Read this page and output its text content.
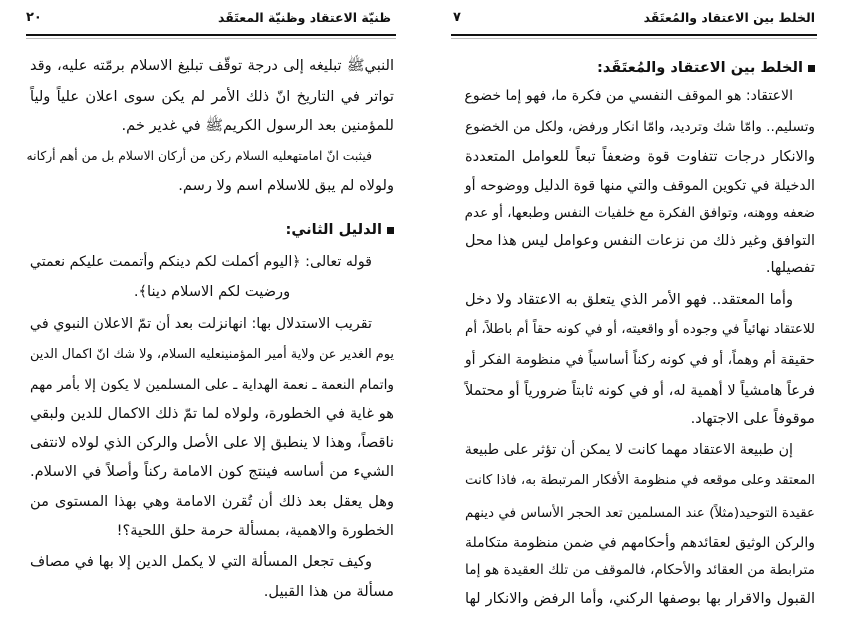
ظنيّة الاعتقاد وظنيّة المعتَقَد
٢٠
النبيﷺ تبليغه إلى درجة توقّف تبليغ الاسلام برمّته عليه، وقد
تواتر في التاريخ انّ ذلك الأمر لم يكن سوى اعلان علياً ولياً
للمؤمنين بعد الرسول الكريمﷺ في غدير خم.
فيثبت انّ امامته‎عليه السلام ركن من أركان الاسلام بل من أهم أركانه
ولولاه لم يبق للاسلام اسم ولا رسم.
الدليل الثاني:
قوله تعالى: ﴿اليوم أكملت لكم دينكم وأتممت عليكم نعمتي
ورضيت لكم الاسلام دينا﴾.
تقريب الاستدلال بها: انهانزلت بعد أن تمّ الاعلان النبوي في
يوم الغدير عن ولاية أمير المؤمنين‎عليه السلام، ولا شك انّ اكمال الدين
واتمام النعمة ـ نعمة الهداية ـ على المسلمين لا يكون إلا بأمر مهم
هو غاية في الخطورة، ولولاه لما تمّ ذلك الاكمال للدين ولبقي
ناقصاً، وهذا لا ينطبق إلا على الأصل والركن الذي لولاه لانتفى
الشيء من أساسه فينتج كون الامامة ركناً وأصلاً في الاسلام.
وهل يعقل بعد ذلك أن تُقرن الامامة وهي بهذا المستوى من
الخطورة والاهمية، بمسألة حرمة حلق اللحية؟!
وكيف تجعل المسألة التي لا يكمل الدين إلا بها في مصاف
مسألة من هذا القبيل.
الخلط بين الاعتقاد والمُعتَقَد
٧
الخلط بين الاعتقاد والمُعتَقَد:
الاعتقاد: هو الموقف النفسي من فكرة ما، فهو إما خضوع
وتسليم.. وامّا شك وترديد، وامّا انكار ورفض، ولكل من الخضوع
والانكار درجات تتفاوت قوة وضعفاً تبعاً للعوامل المتعددة
الدخيلة في تكوين الموقف والتي منها قوة الدليل ووضوحه أو
ضعفه ووهنه، وتوافق الفكرة مع خلفيات النفس وطبعها، أو عدم
التوافق وغير ذلك من نزعات النفس وعوامل ليس هذا محل
تفصيلها.
وأما المعتقد.. فهو الأمر الذي يتعلق به الاعتقاد ولا دخل
للاعتقاد نهائياً في وجوده أو واقعيته، أو في كونه حقاً أم باطلاً، أم
حقيقة أم وهماً، أو في كونه ركناً أساسياً في منظومة الفكر أو
فرعاً هامشياً لا أهمية له، أو في كونه ثابتاً ضرورياً أو محتملاً
موقوفاً على الاجتهاد.
إن طبيعة الاعتقاد مهما كانت لا يمكن أن تؤثر على طبيعة
المعتقد وعلى موقعه في منظومة الأفكار المرتبطة به، فاذا كانت
عقيدة التوحيد(مثلاً) عند المسلمين تعد الحجر الأساس في دينهم
والركن الوثيق لعقائدهم وأحكامهم في ضمن منظومة متكاملة
مترابطة من العقائد والأحكام، فالموقف من تلك العقيدة هو إما
القبول والاقرار بها بوصفها الركني، وأما الرفض والانكار لها
